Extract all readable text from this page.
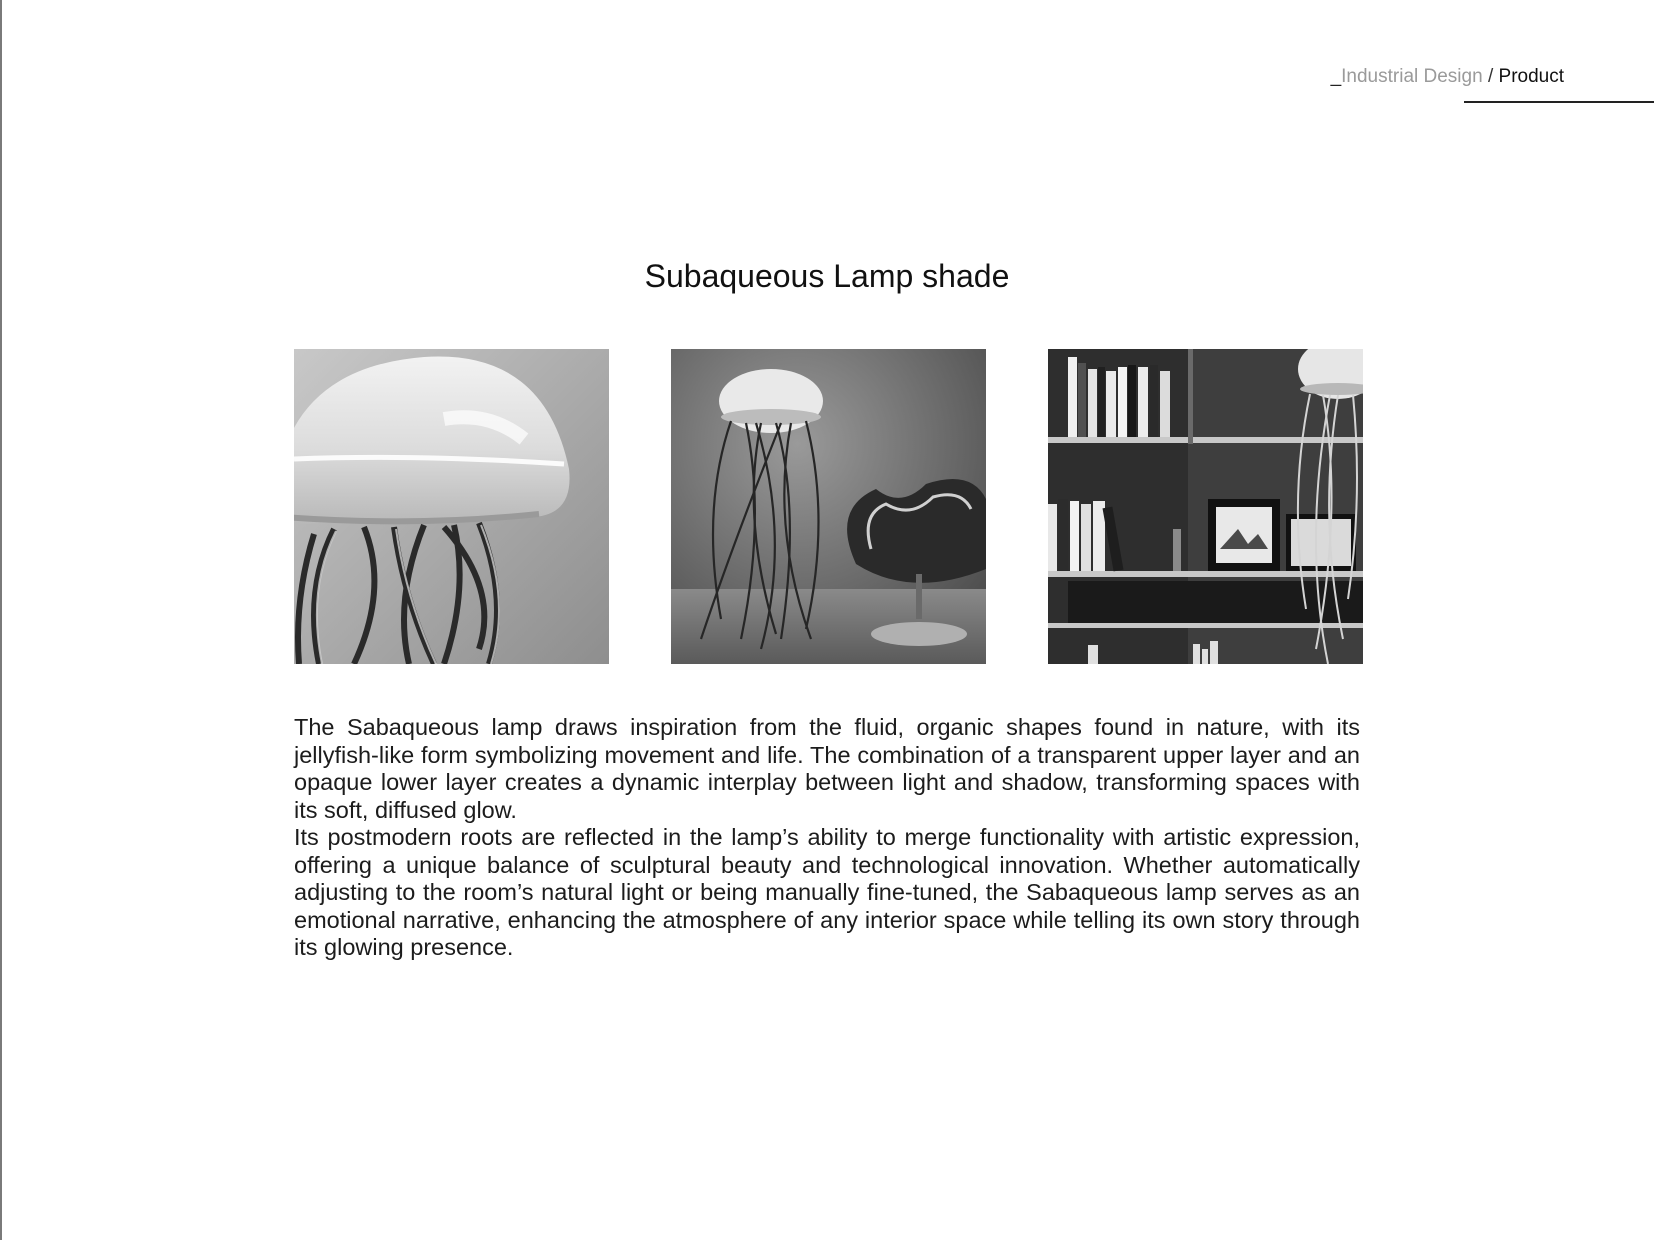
_Industrial Design / Product
Subaqueous Lamp shade

The Sabaqueous lamp draws inspiration from the fluid, organic shapes found in nature, with its jellyfish-like form symbolizing movement and life. The combination of a transparent upper layer and an opaque lower layer creates a dynamic interplay between light and shadow, transforming spaces with its soft, diffused glow.

Its postmodern roots are reflected in the lamp’s ability to merge functionality with artistic expression, offering a unique balance of sculptural beauty and technological innovation. Whether automatically adjusting to the room’s natural light or being manually fine-tuned, the Sabaqueous lamp serves as an emotional narrative, enhancing the atmosphere of any interior space while telling its own story through its glowing presence.
